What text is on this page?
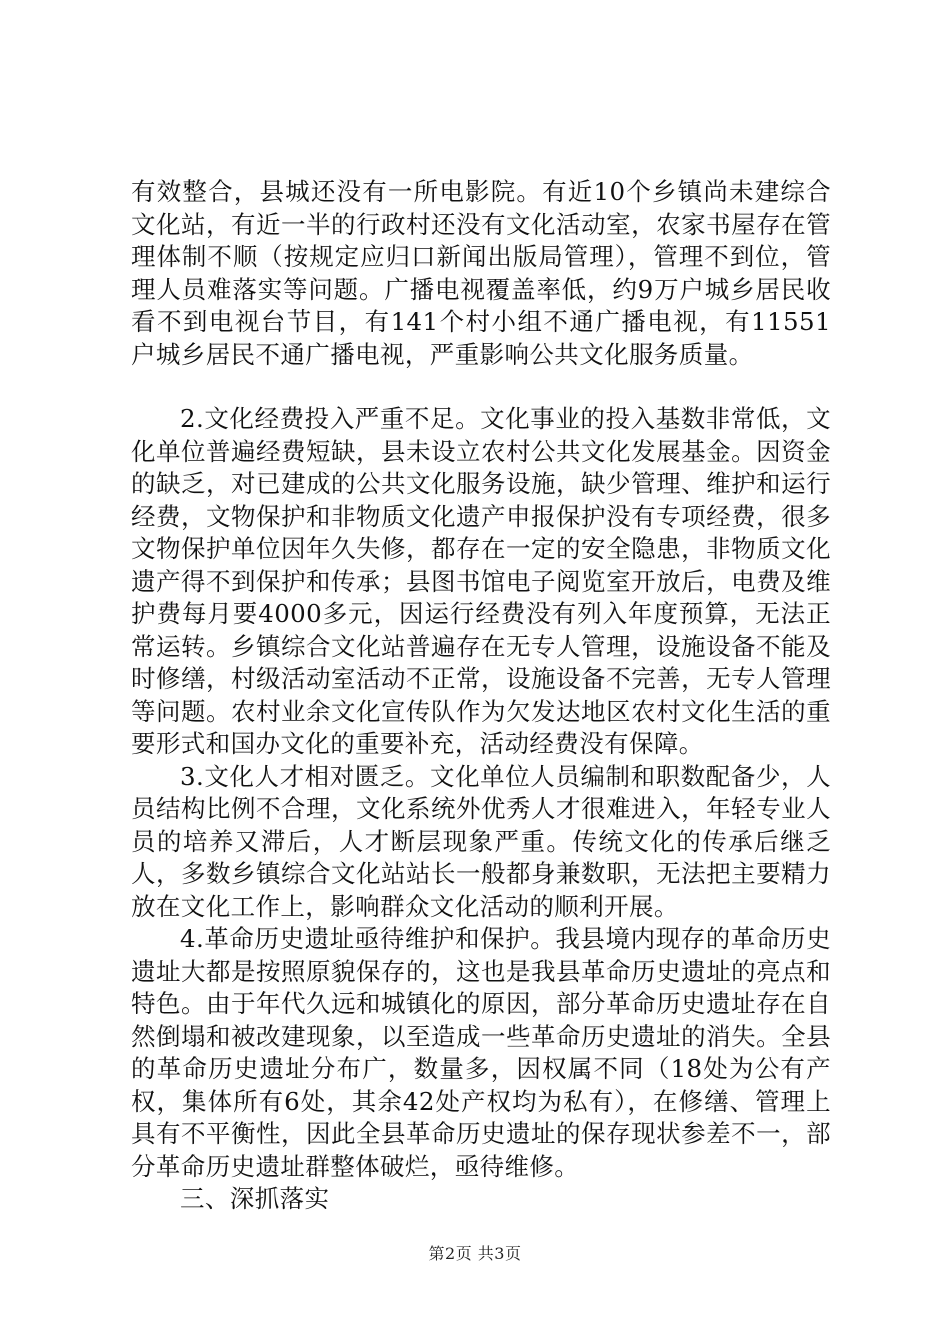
有效整合，县城还没有一所电影院。有近10个乡镇尚未建综合文化站，有近一半的行政村还没有文化活动室，农家书屋存在管理体制不顺（按规定应归口新闻出版局管理），管理不到位，管理人员难落实等问题。广播电视覆盖率低，约9万户城乡居民收看不到电视台节目，有141个村小组不通广播电视，有11551户城乡居民不通广播电视，严重影响公共文化服务质量。

2.文化经费投入严重不足。文化事业的投入基数非常低，文化单位普遍经费短缺，县未设立农村公共文化发展基金。因资金的缺乏，对已建成的公共文化服务设施，缺少管理、维护和运行经费，文物保护和非物质文化遗产申报保护没有专项经费，很多文物保护单位因年久失修，都存在一定的安全隐患，非物质文化遗产得不到保护和传承；县图书馆电子阅览室开放后，电费及维护费每月要4000多元，因运行经费没有列入年度预算，无法正常运转。乡镇综合文化站普遍存在无专人管理，设施设备不能及时修缮，村级活动室活动不正常，设施设备不完善，无专人管理等问题。农村业余文化宣传队作为欠发达地区农村文化生活的重要形式和国办文化的重要补充，活动经费没有保障。

3.文化人才相对匮乏。文化单位人员编制和职数配备少，人员结构比例不合理，文化系统外优秀人才很难进入，年轻专业人员的培养又滞后，人才断层现象严重。传统文化的传承后继乏人，多数乡镇综合文化站站长一般都身兼数职，无法把主要精力放在文化工作上，影响群众文化活动的顺利开展。

4.革命历史遗址亟待维护和保护。我县境内现存的革命历史遗址大都是按照原貌保存的，这也是我县革命历史遗址的亮点和特色。由于年代久远和城镇化的原因，部分革命历史遗址存在自然倒塌和被改建现象，以至造成一些革命历史遗址的消失。全县的革命历史遗址分布广，数量多，因权属不同（18处为公有产权，集体所有6处，其余42处产权均为私有），在修缮、管理上具有不平衡性，因此全县革命历史遗址的保存现状参差不一，部分革命历史遗址群整体破烂，亟待维修。

三、深抓落实

第2页 共3页
